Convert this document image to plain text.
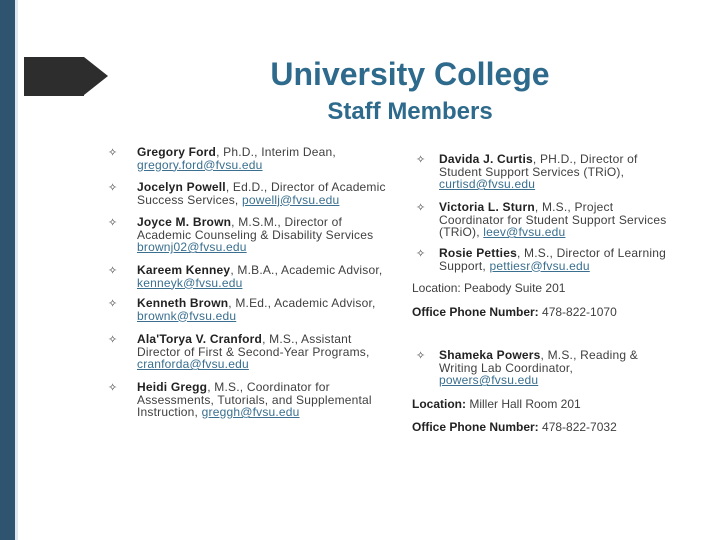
University College
Staff Members
✧ Gregory Ford, Ph.D., Interim Dean, gregory.ford@fvsu.edu
✧ Jocelyn Powell, Ed.D., Director of Academic Success Services, powellj@fvsu.edu
✧ Joyce M. Brown, M.S.M., Director of Academic Counseling & Disability Services brownj02@fvsu.edu
✧ Kareem Kenney, M.B.A., Academic Advisor, kenneyk@fvsu.edu
✧ Kenneth Brown, M.Ed., Academic Advisor, brownk@fvsu.edu
✧ Ala'Torya V. Cranford, M.S., Assistant Director of First & Second-Year Programs, cranforda@fvsu.edu
✧ Heidi Gregg, M.S., Coordinator for Assessments, Tutorials, and Supplemental Instruction, greggh@fvsu.edu
✧ Davida J. Curtis, PH.D., Director of Student Support Services (TRiO), curtisd@fvsu.edu
✧ Victoria L. Sturn, M.S., Project Coordinator for Student Support Services (TRiO), leev@fvsu.edu
✧ Rosie Petties, M.S., Director of Learning Support, pettiesr@fvsu.edu
✧ Shameka Powers, M.S., Reading & Writing Lab Coordinator, powers@fvsu.edu
Location: Peabody Suite 201
Office Phone Number: 478-822-1070
Location: Miller Hall Room 201
Office Phone Number: 478-822-7032
